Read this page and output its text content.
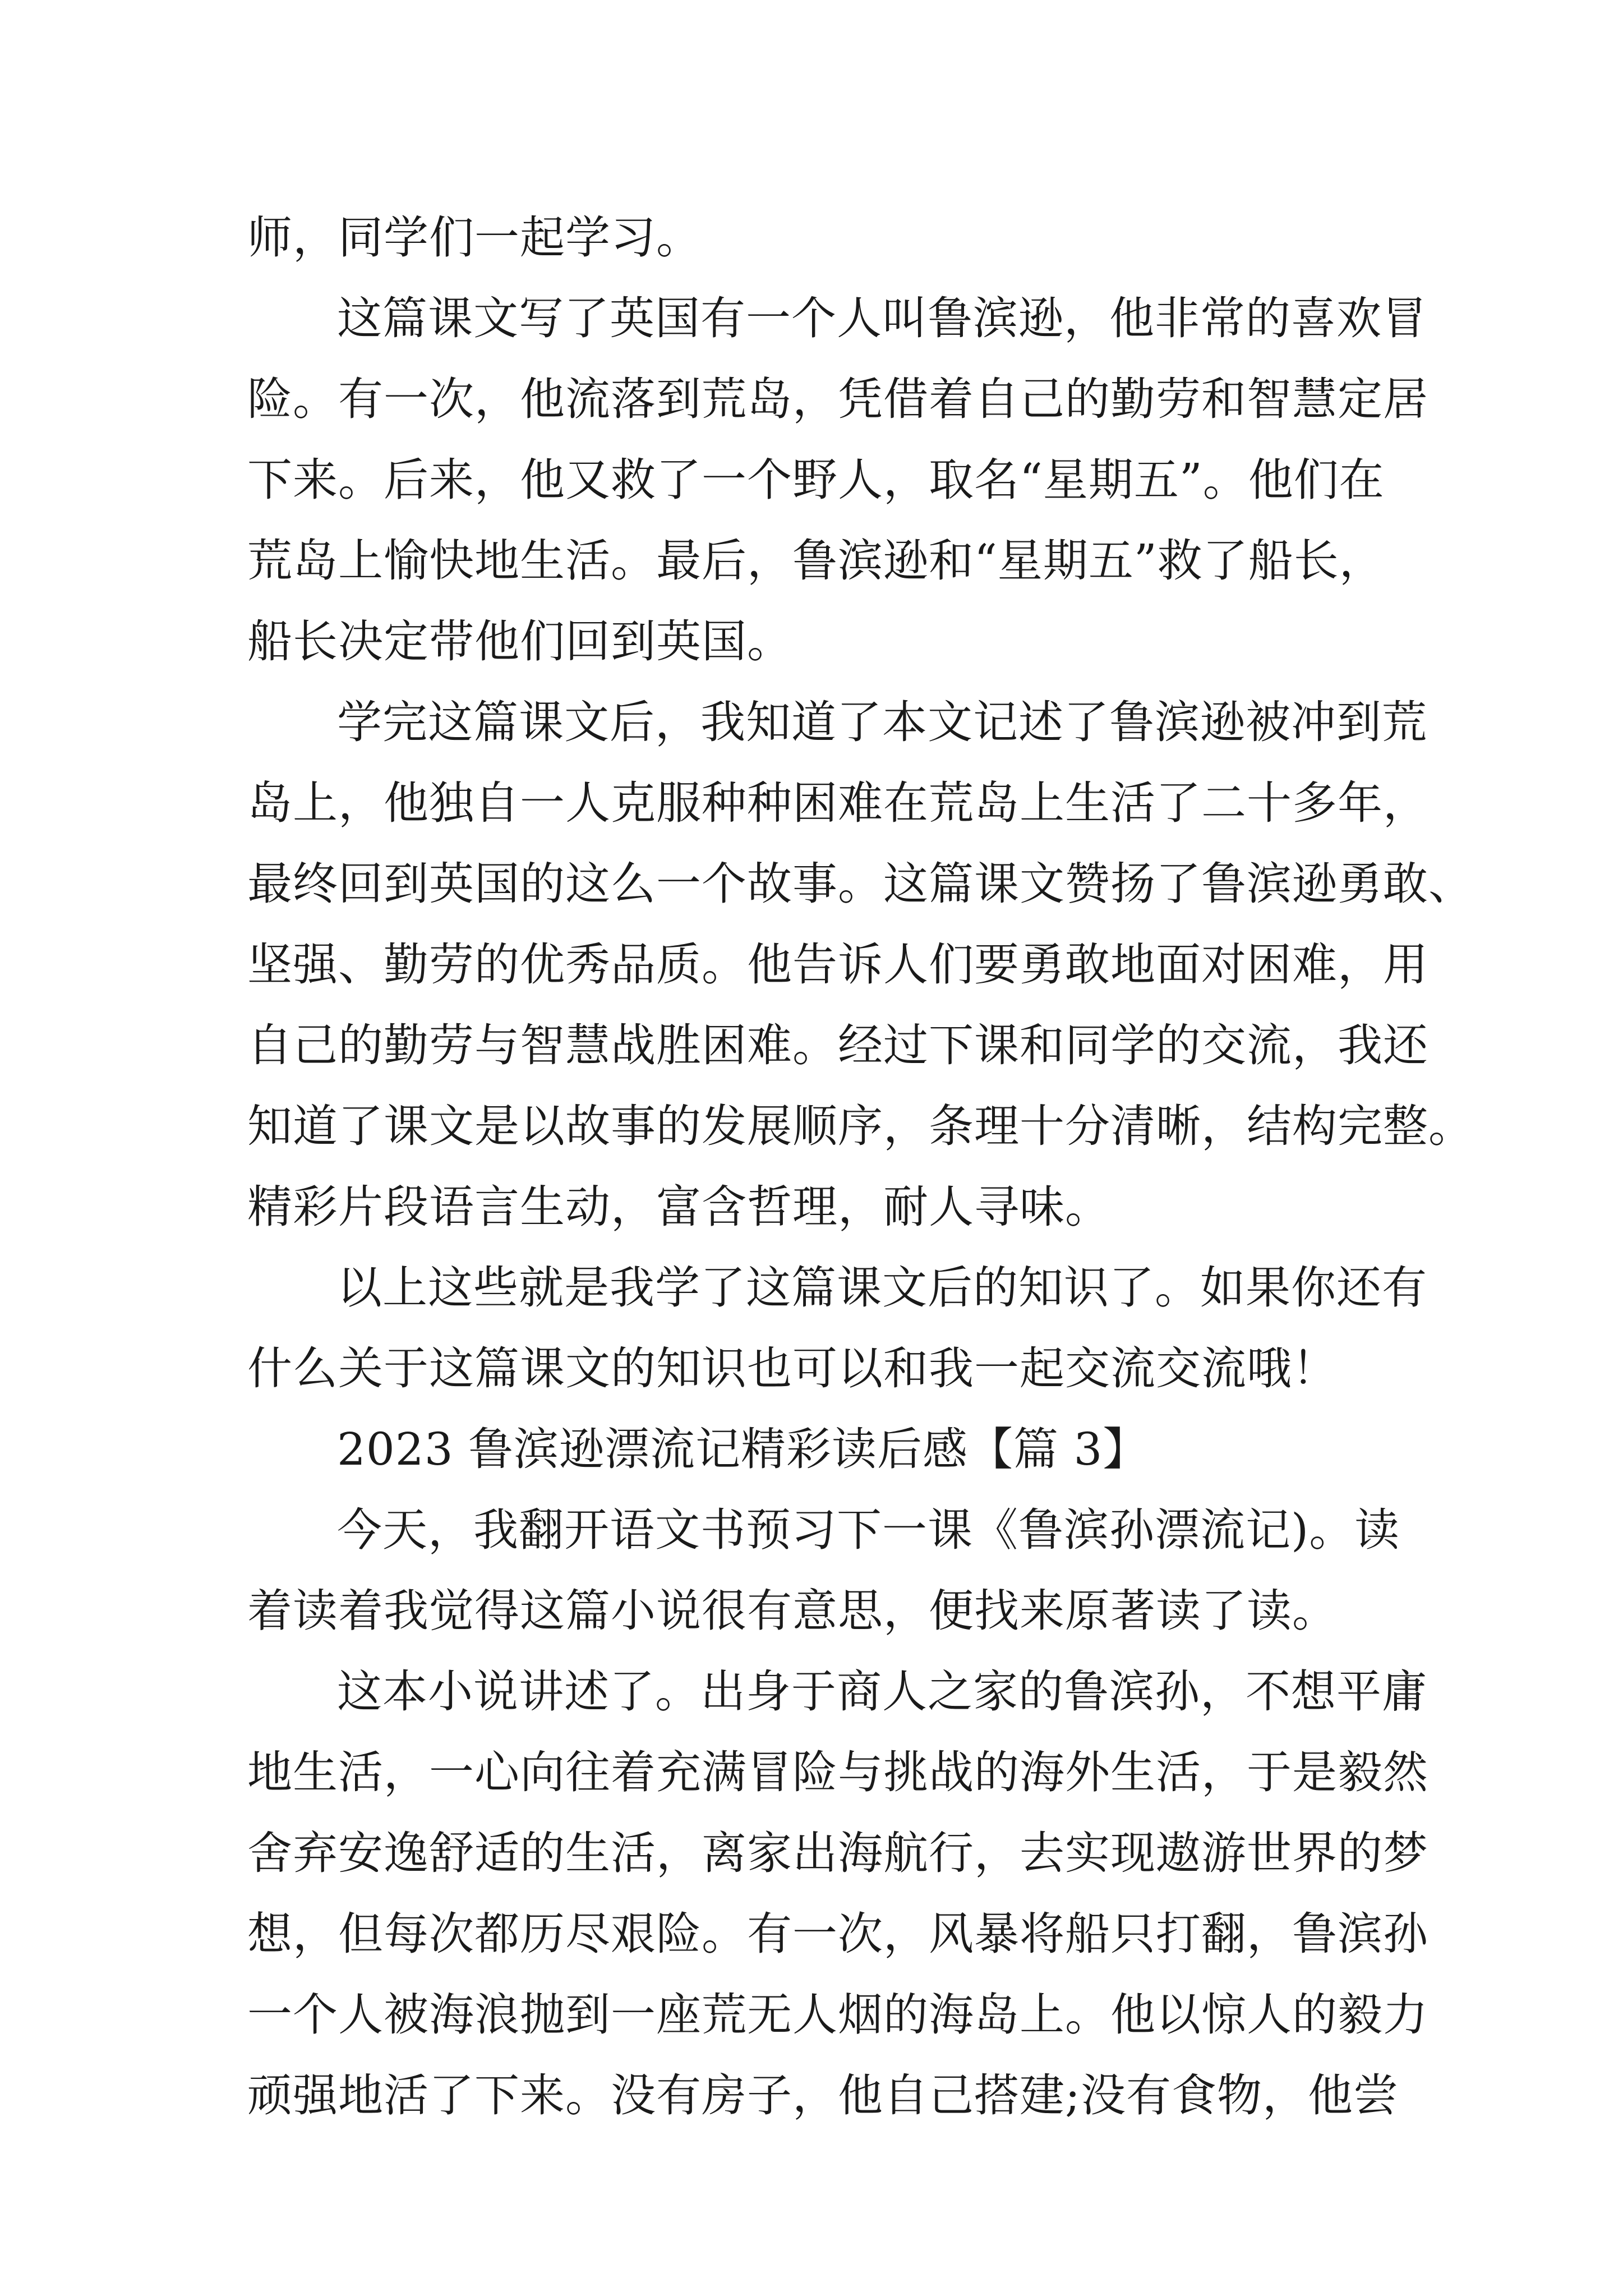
师，同学们一起学习。
这篇课文写了英国有一个人叫鲁滨逊，他非常的喜欢冒
险。有一次，他流落到荒岛，凭借着自己的勤劳和智慧定居
下来。后来，他又救了一个野人，取名“星期五”。他们在
荒岛上愉快地生活。最后，鲁滨逊和“星期五”救了船长，
船长决定带他们回到英国。
学完这篇课文后，我知道了本文记述了鲁滨逊被冲到荒
岛上，他独自一人克服种种困难在荒岛上生活了二十多年，
最终回到英国的这么一个故事。这篇课文赞扬了鲁滨逊勇敢、
坚强、勤劳的优秀品质。他告诉人们要勇敢地面对困难，用
自己的勤劳与智慧战胜困难。经过下课和同学的交流，我还
知道了课文是以故事的发展顺序，条理十分清晰，结构完整。
精彩片段语言生动，富含哲理，耐人寻味。
以上这些就是我学了这篇课文后的知识了。如果你还有
什么关于这篇课文的知识也可以和我一起交流交流哦！
2023 鲁滨逊漂流记精彩读后感【篇 3】
今天，我翻开语文书预习下一课《鲁滨孙漂流记)。读
着读着我觉得这篇小说很有意思，便找来原著读了读。
这本小说讲述了。出身于商人之家的鲁滨孙，不想平庸
地生活，一心向往着充满冒险与挑战的海外生活，于是毅然
舍弃安逸舒适的生活，离家出海航行，去实现遨游世界的梦
想，但每次都历尽艰险。有一次，风暴将船只打翻，鲁滨孙
一个人被海浪抛到一座荒无人烟的海岛上。他以惊人的毅力
顽强地活了下来。没有房子，他自己搭建;没有食物，他尝
